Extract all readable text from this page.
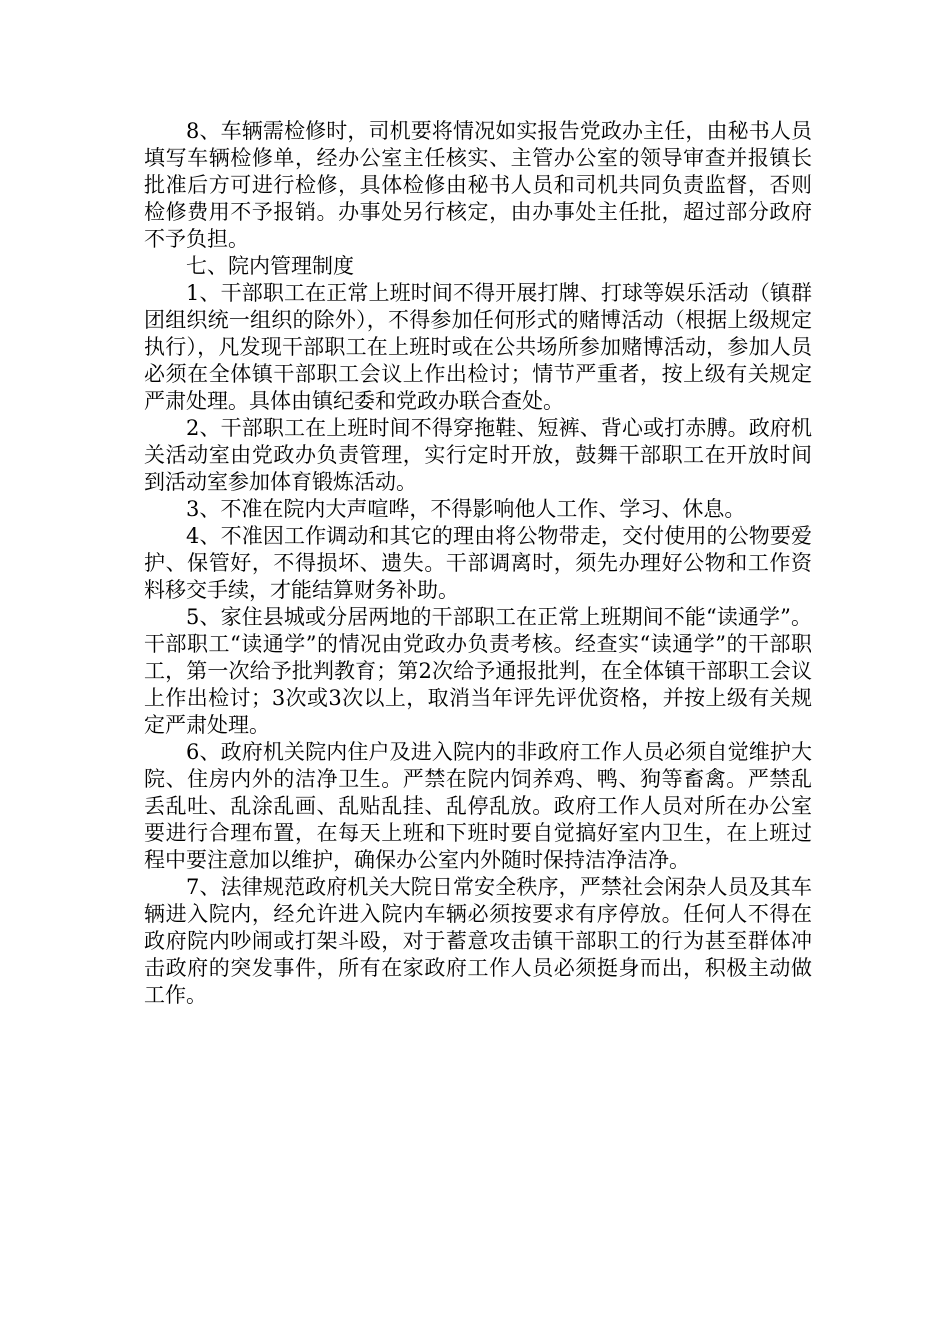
8、车辆需检修时，司机要将情况如实报告党政办主任，由秘书人员填写车辆检修单，经办公室主任核实、主管办公室的领导审查并报镇长批准后方可进行检修，具体检修由秘书人员和司机共同负责监督，否则检修费用不予报销。办事处另行核定，由办事处主任批，超过部分政府不予负担。

七、院内管理制度

1、干部职工在正常上班时间不得开展打牌、打球等娱乐活动（镇群团组织统一组织的除外），不得参加任何形式的赌博活动（根据上级规定执行），凡发现干部职工在上班时或在公共场所参加赌博活动，参加人员必须在全体镇干部职工会议上作出检讨；情节严重者，按上级有关规定严肃处理。具体由镇纪委和党政办联合查处。

2、干部职工在上班时间不得穿拖鞋、短裤、背心或打赤膊。政府机关活动室由党政办负责管理，实行定时开放，鼓舞干部职工在开放时间到活动室参加体育锻炼活动。

3、不准在院内大声喧哗，不得影响他人工作、学习、休息。

4、不准因工作调动和其它的理由将公物带走，交付使用的公物要爱护、保管好，不得损坏、遗失。干部调离时，须先办理好公物和工作资料移交手续，才能结算财务补助。

5、家住县城或分居两地的干部职工在正常上班期间不能“读通学”。干部职工“读通学”的情况由党政办负责考核。经查实“读通学”的干部职工，第一次给予批判教育；第2次给予通报批判，在全体镇干部职工会议上作出检讨；3次或3次以上，取消当年评先评优资格，并按上级有关规定严肃处理。

6、政府机关院内住户及进入院内的非政府工作人员必须自觉维护大院、住房内外的洁净卫生。严禁在院内饲养鸡、鸭、狗等畜禽。严禁乱丢乱吐、乱涂乱画、乱贴乱挂、乱停乱放。政府工作人员对所在办公室要进行合理布置，在每天上班和下班时要自觉搞好室内卫生，在上班过程中要注意加以维护，确保办公室内外随时保持洁净洁净。

7、法律规范政府机关大院日常安全秩序，严禁社会闲杂人员及其车辆进入院内，经允许进入院内车辆必须按要求有序停放。任何人不得在政府院内吵闹或打架斗殴，对于蓄意攻击镇干部职工的行为甚至群体冲击政府的突发事件，所有在家政府工作人员必须挺身而出，积极主动做工作。
